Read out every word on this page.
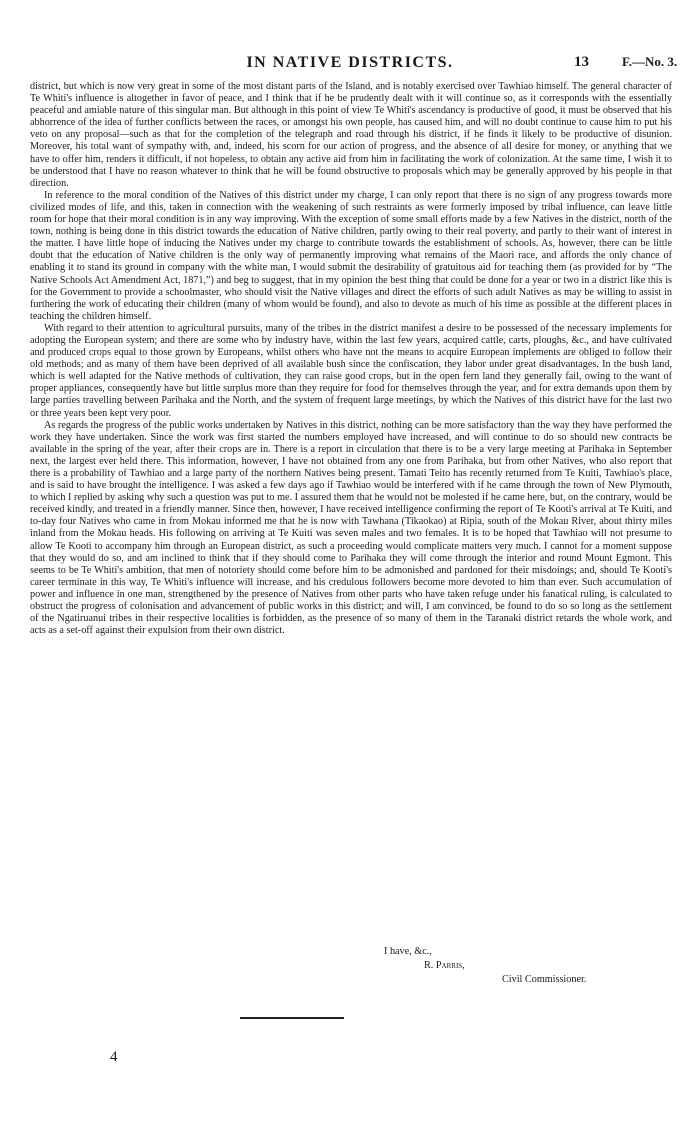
IN NATIVE DISTRICTS.	13	F.—No. 3.

district, but which is now very great in some of the most distant parts of the Island, and is notably exercised over Tawhiao himself. The general character of Te Whiti's influence is altogether in favor of peace, and I think that if he be prudently dealt with it will continue so, as it corresponds with the essentially peaceful and amiable nature of this singular man. But although in this point of view Te Whiti's ascendancy is productive of good, it must be observed that his abhorrence of the idea of further conflicts between the races, or amongst his own people, has caused him, and will no doubt continue to cause him to put his veto on any proposal—such as that for the completion of the telegraph and road through his district, if he finds it likely to be productive of disunion. Moreover, his total want of sympathy with, and, indeed, his scorn for our action of progress, and the absence of all desire for money, or anything that we have to offer him, renders it difficult, if not hopeless, to obtain any active aid from him in facilitating the work of colonization. At the same time, I wish it to be understood that I have no reason whatever to think that he will be found obstructive to proposals which may be generally approved by his people in that direction.

In reference to the moral condition of the Natives of this district under my charge, I can only report that there is no sign of any progress towards more civilized modes of life, and this, taken in connection with the weakening of such restraints as were formerly imposed by tribal influence, can leave little room for hope that their moral condition is in any way improving. With the exception of some small efforts made by a few Natives in the district, north of the town, nothing is being done in this district towards the education of Native children, partly owing to their real poverty, and partly to their want of interest in the matter. I have little hope of inducing the Natives under my charge to contribute towards the establishment of schools. As, however, there can be little doubt that the education of Native children is the only way of permanently improving what remains of the Maori race, and affords the only chance of enabling it to stand its ground in company with the white man, I would submit the desirability of gratuitous aid for teaching them (as provided for by “The Native Schools Act Amendment Act, 1871,”) and beg to suggest, that in my opinion the best thing that could be done for a year or two in a district like this is for the Government to provide a schoolmaster, who should visit the Native villages and direct the efforts of such adult Natives as may be willing to assist in furthering the work of educating their children (many of whom would be found), and also to devote as much of his time as possible at the different places in teaching the children himself.

With regard to their attention to agricultural pursuits, many of the tribes in the district manifest a desire to be possessed of the necessary implements for adopting the European system; and there are some who by industry have, within the last few years, acquired cattle, carts, ploughs, &c., and have cultivated and produced crops equal to those grown by Europeans, whilst others who have not the means to acquire European implements are obliged to follow their old methods; and as many of them have been deprived of all available bush since the confiscation, they labor under great disadvantages. In the bush land, which is well adapted for the Native methods of cultivation, they can raise good crops, but in the open fern land they generally fail, owing to the want of proper appliances, consequently have but little surplus more than they require for food for themselves through the year, and for extra demands upon them by large parties travelling between Parihaka and the North, and the system of frequent large meetings, by which the Natives of this district have for the last two or three years been kept very poor.

As regards the progress of the public works undertaken by Natives in this district, nothing can be more satisfactory than the way they have performed the work they have undertaken. Since the work was first started the numbers employed have increased, and will continue to do so should new contracts be available in the spring of the year, after their crops are in. There is a report in circulation that there is to be a very large meeting at Parihaka in September next, the largest ever held there. This information, however, I have not obtained from any one from Parihaka, but from other Natives, who also report that there is a probability of Tawhiao and a large party of the northern Natives being present. Tamati Teito has recently returned from Te Kuiti, Tawhiao's place, and is said to have brought the intelligence. I was asked a few days ago if Tawhiao would be interfered with if he came through the town of New Plymouth, to which I replied by asking why such a question was put to me. I assured them that he would not be molested if he came here, but, on the contrary, would be received kindly, and treated in a friendly manner. Since then, however, I have received intelligence confirming the report of Te Kooti's arrival at Te Kuiti, and to-day four Natives who came in from Mokau informed me that he is now with Tawhana (Tikaokao) at Ripia, south of the Mokau River, about thirty miles inland from the Mokau heads. His following on arriving at Te Kuiti was seven males and two females. It is to be hoped that Tawhiao will not presume to allow Te Kooti to accompany him through an European district, as such a proceeding would complicate matters very much. I cannot for a moment suppose that they would do so, and am inclined to think that if they should come to Parihaka they will come through the interior and round Mount Egmont. This seems to be Te Whiti's ambition, that men of notoriety should come before him to be admonished and pardoned for their misdoings; and, should Te Kooti's career terminate in this way, Te Whiti's influence will increase, and his credulous followers become more devoted to him than ever. Such accumulation of power and influence in one man, strengthened by the presence of Natives from other parts who have taken refuge under his fanatical ruling, is calculated to obstruct the progress of colonisation and advancement of public works in this district; and will, I am convinced, be found to do so so long as the settlement of the Ngatiruanui tribes in their respective localities is forbidden, as the presence of so many of them in the Taranaki district retards the whole work, and acts as a set-off against their expulsion from their own district.

I have, &c.,
R. Parris,
Civil Commissioner.
4
